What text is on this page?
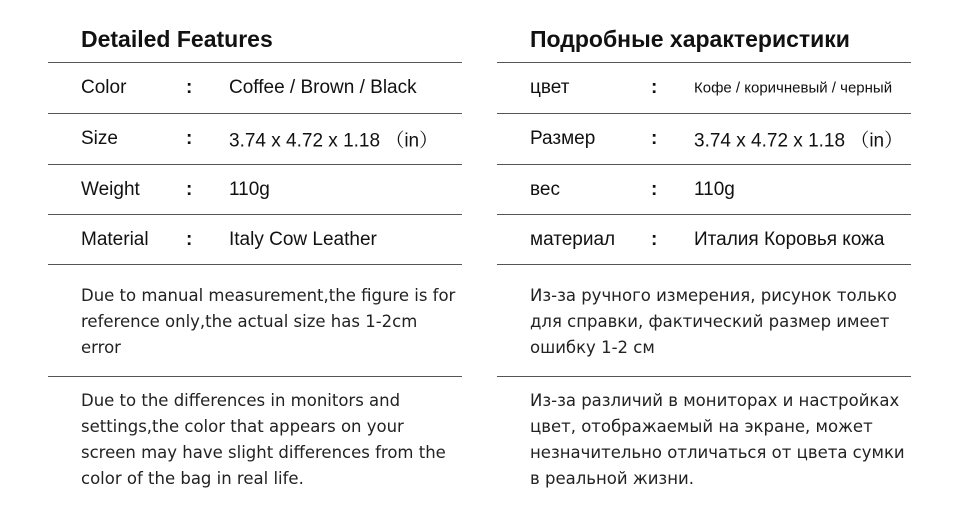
Detailed Features
Color	: Coffee / Brown / Black
Size	: 3.74 x 4.72 x 1.18 （in）
Weight : 110g
Material : Italy Cow Leather
Due to manual measurement,the figure is for reference only,the actual size has 1-2cm error
Due to the differences in monitors and settings,the color that appears on your screen may have slight differences from the color of the bag in real life.
Подробные характеристики
цвет	: Кофе / коричневый / черный
Размер	: 3.74 x 4.72 x 1.18 （in）
вес	: 110g
материал : Италия Коровья кожа
Из-за ручного измерения, рисунок только для справки, фактический размер имеет ошибку 1-2 см
Из-за различий в мониторах и настройках цвет, отображаемый на экране, может незначительно отличаться от цвета сумки в реальной жизни.
